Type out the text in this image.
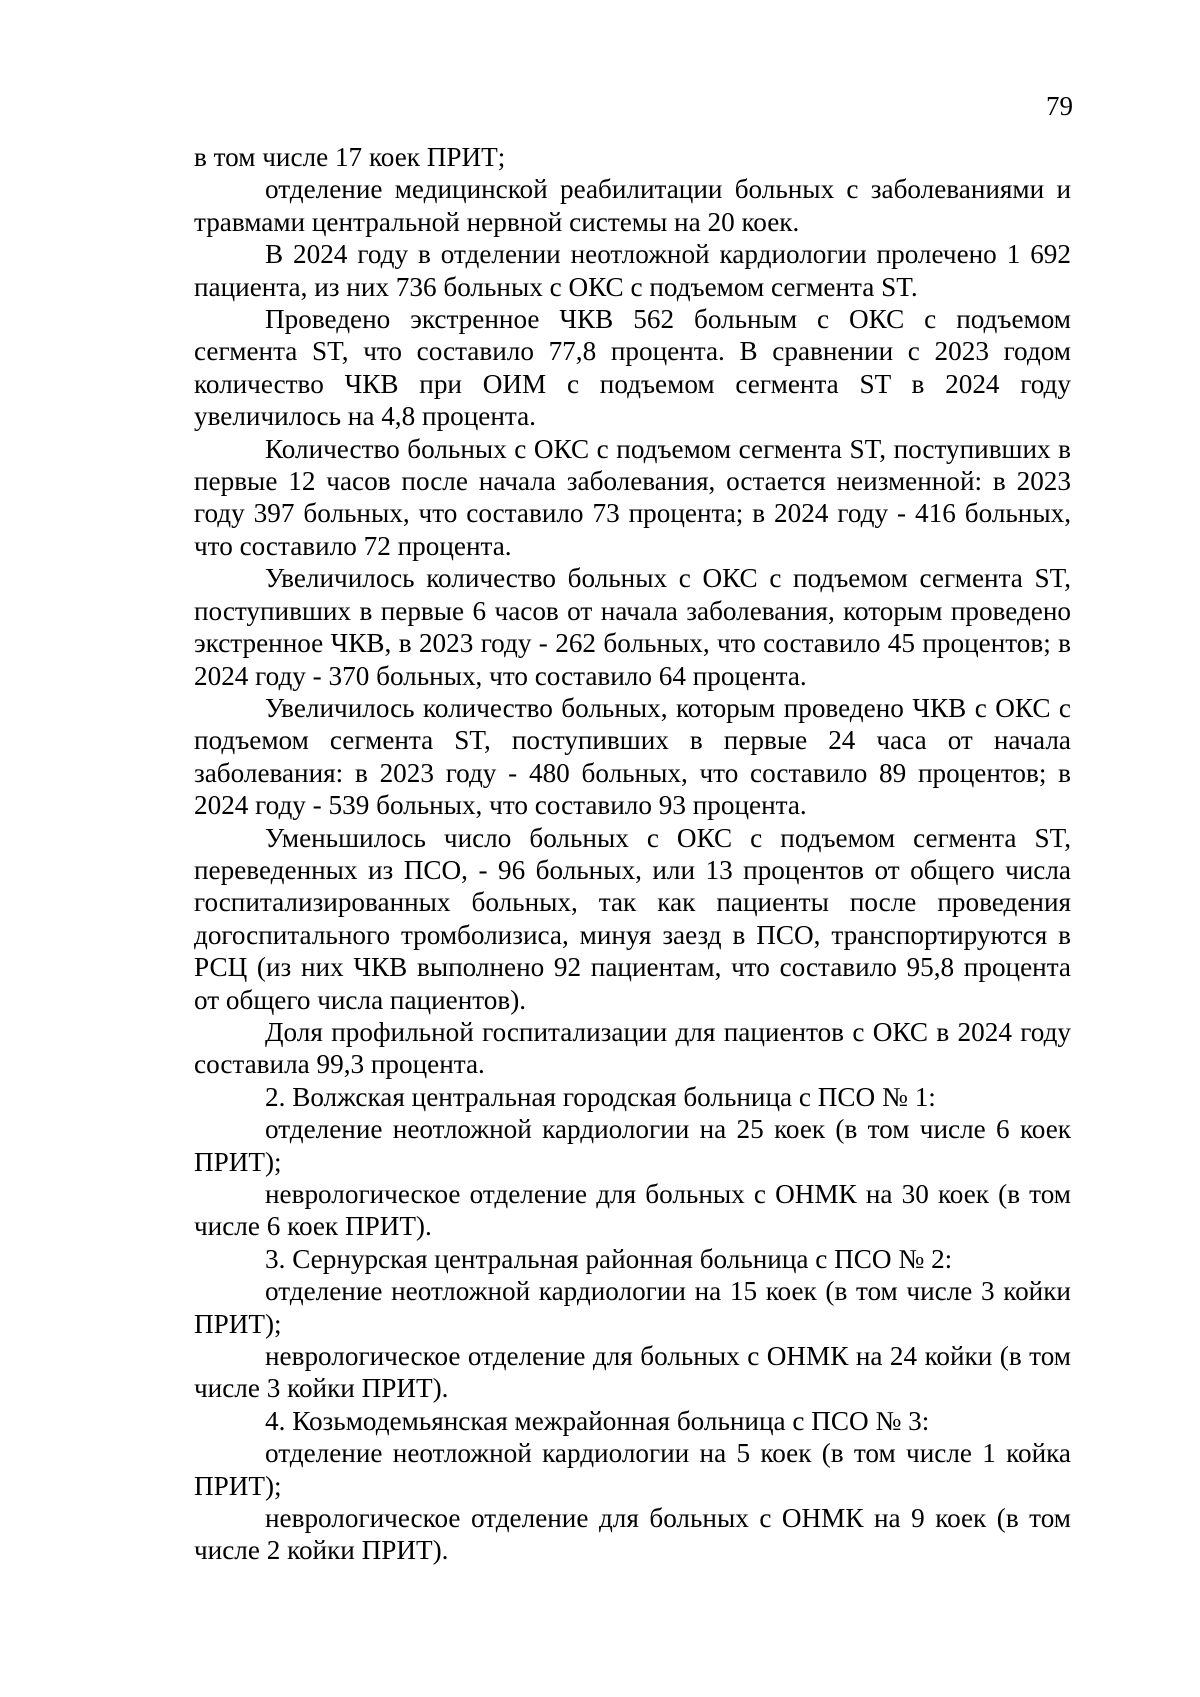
79

в том числе 17 коек ПРИТ;

отделение медицинской реабилитации больных с заболеваниями и травмами центральной нервной системы на 20 коек.

В 2024 году в отделении неотложной кардиологии пролечено 1 692 пациента, из них 736 больных с ОКС с подъемом сегмента ST.

Проведено экстренное ЧКВ 562 больным с ОКС с подъемом сегмента ST, что составило 77,8 процента. В сравнении с 2023 годом количество ЧКВ при ОИМ с подъемом сегмента ST в 2024 году увеличилось на 4,8 процента.

Количество больных с ОКС с подъемом сегмента ST, поступивших в первые 12 часов после начала заболевания, остается неизменной: в 2023 году 397 больных, что составило 73 процента; в 2024 году - 416 больных, что составило 72 процента.

Увеличилось количество больных с ОКС с подъемом сегмента ST, поступивших в первые 6 часов от начала заболевания, которым проведено экстренное ЧКВ, в 2023 году - 262 больных, что составило 45 процентов; в 2024 году - 370 больных, что составило 64 процента.

Увеличилось количество больных, которым проведено ЧКВ с ОКС с подъемом сегмента ST, поступивших в первые 24 часа от начала заболевания: в 2023 году - 480 больных, что составило 89 процентов; в 2024 году - 539 больных, что составило 93 процента.

Уменьшилось число больных с ОКС с подъемом сегмента ST, переведенных из ПСО, - 96 больных, или 13 процентов от общего числа госпитализированных больных, так как пациенты после проведения догоспитального тромболизиса, минуя заезд в ПСО, транспортируются в РСЦ (из них ЧКВ выполнено 92 пациентам, что составило 95,8 процента от общего числа пациентов).

Доля профильной госпитализации для пациентов с ОКС в 2024 году составила 99,3 процента.

2. Волжская центральная городская больница с ПСО № 1:

отделение неотложной кардиологии на 25 коек (в том числе 6 коек ПРИТ);

неврологическое отделение для больных с ОНМК на 30 коек (в том числе 6 коек ПРИТ).

3. Сернурская центральная районная больница с ПСО № 2:

отделение неотложной кардиологии на 15 коек (в том числе 3 койки ПРИТ);

неврологическое отделение для больных с ОНМК на 24 койки (в том числе 3 койки ПРИТ).

4. Козьмодемьянская межрайонная больница с ПСО № 3:

отделение неотложной кардиологии на 5 коек (в том числе 1 койка ПРИТ);

неврологическое отделение для больных с ОНМК на 9 коек (в том числе 2 койки ПРИТ).
